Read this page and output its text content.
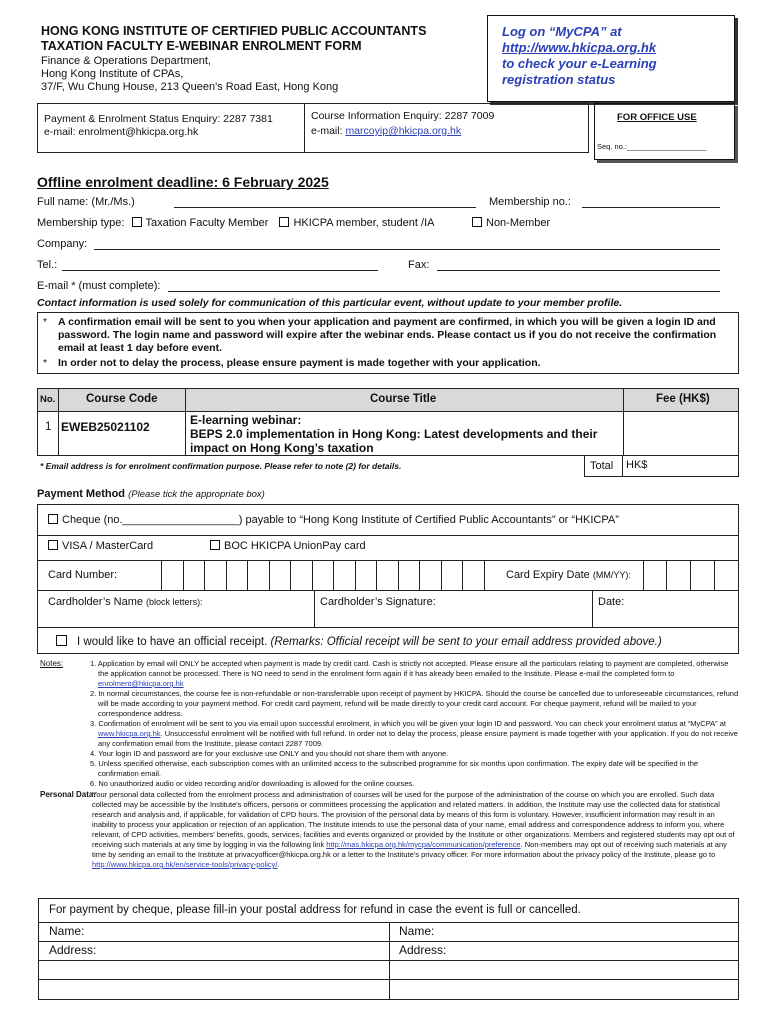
HONG KONG INSTITUTE OF CERTIFIED PUBLIC ACCOUNTANTS
TAXATION FACULTY E-WEBINAR ENROLMENT FORM
Finance & Operations Department,
Hong Kong Institute of CPAs,
37/F, Wu Chung House, 213 Queen's Road East, Hong Kong
Log on “MyCPA” at
http://www.hkicpa.org.hk
to check your e-Learning
registration status
Payment & Enrolment Status Enquiry: 2287 7381
e-mail: enrolment@hkicpa.org.hk
Course Information Enquiry: 2287 7009
e-mail: marcoyip@hkicpa.org.hk
FOR OFFICE USE
Seq. no.:___________________
Offline enrolment deadline: 6 February 2025
Full name: (Mr./Ms.)	Membership no.:
Membership type: Taxation Faculty Member HKICPA member, student /IA	Non-Member
Company:
Tel.:	Fax:
E-mail * (must complete):
Contact information is used solely for communication of this particular event, without update to your member profile.
* A confirmation email will be sent to you when your application and payment are confirmed, in which you will be given a login ID and password. The login name and password will expire after the webinar ends. Please contact us if you do not receive the confirmation email at least 1 day before event.
* In order not to delay the process, please ensure payment is made together with your application.
No.	Course Code	Course Title	Fee (HK$)
1 EWEB25021102	E-learning webinar:
BEPS 2.0 implementation in Hong Kong: Latest developments and their impact on Hong Kong’s taxation
* Email address is for enrolment confirmation purpose. Please refer to note (2) for details.	Total HK$
Payment Method (Please tick the appropriate box)
Cheque (no.___________________) payable to “Hong Kong Institute of Certified Public Accountants” or “HKICPA”
VISA / MasterCard	BOC HKICPA UnionPay card
Card Number:	Card Expiry Date (MM/YY):
Cardholder’s Name (block letters):	Cardholder’s Signature:	Date:
I would like to have an official receipt. (Remarks: Official receipt will be sent to your email address provided above.)
Notes:	1. Application by email will ONLY be accepted when payment is made by credit card. Cash is strictly not accepted. Please ensure all the particulars relating to payment are completed, otherwise the application cannot be processed. There is NO need to send in the enrolment form again if it has already been emailed to the Institute. Please e-mail the completed form to enrolment@hkicpa.org.hk

2. In normal circumstances, the course fee is non-refundable or non-transferrable upon receipt of payment by HKICPA. Should the course be cancelled due to unforeseeable circumstances, refund will be made according to your payment method. For credit card payment, refund will be made directly to your credit card account. For cheque payment, refund will be mailed to your correspondence address.

3. Confirmation of enrolment will be sent to you via email upon successful enrolment, in which you will be given your login ID and password. You can check your enrolment status at “MyCPA” at www.hkicpa.org.hk. Unsuccessful enrolment will be notified with full refund. In order not to delay the process, please ensure payment is made together with your application. If you do not receive any confirmation email from the Institute, please contact 2287 7009.

4. Your login ID and password are for your exclusive use ONLY and you should not share them with anyone.

5. Unless specified otherwise, each subscription comes with an unlimited access to the subscribed programme for six months upon confirmation. The expiry date will be specified in the confirmation email.

6. No unauthorized audio or video recording and/or downloading is allowed for the online courses.

Personal Data:
Your personal data collected from the enrolment process and administration of courses will be used for the purpose of the administration of the course on which you are enrolled. Such data collected may be accessible by the Institute's officers, persons or committees processing the application and related matters. In addition, the Institute may use the collected data for statistical research and analysis and, if applicable, for validation of CPD hours. The provision of the personal data by means of this form is voluntary. However, insufficient information may result in an inability to process your application or rejection of an application. The Institute intends to use the personal data of your name, email address and correspondence address to inform you, where relevant, of CPD activities, members' benefits, goods, services, facilities and events organized or provided by the Institute or other organizations. Members and registered students may opt out of receiving such materials at any time by logging in via the following link http://mas.hkicpa.org.hk/mycpa/communication/preference. Non-members may opt out of receiving such materials at any time by sending an email to the Institute at privacyofficer@hkicpa.org.hk or a letter to the Institute's privacy officer. For more information about the privacy policy of the Institute, please go to http://www.hkicpa.org.hk/en/service-tools/privacy-policy/.
For payment by cheque, please fill-in your postal address for refund in case the event is full or cancelled.
Name:	Name:
Address:	Address:
